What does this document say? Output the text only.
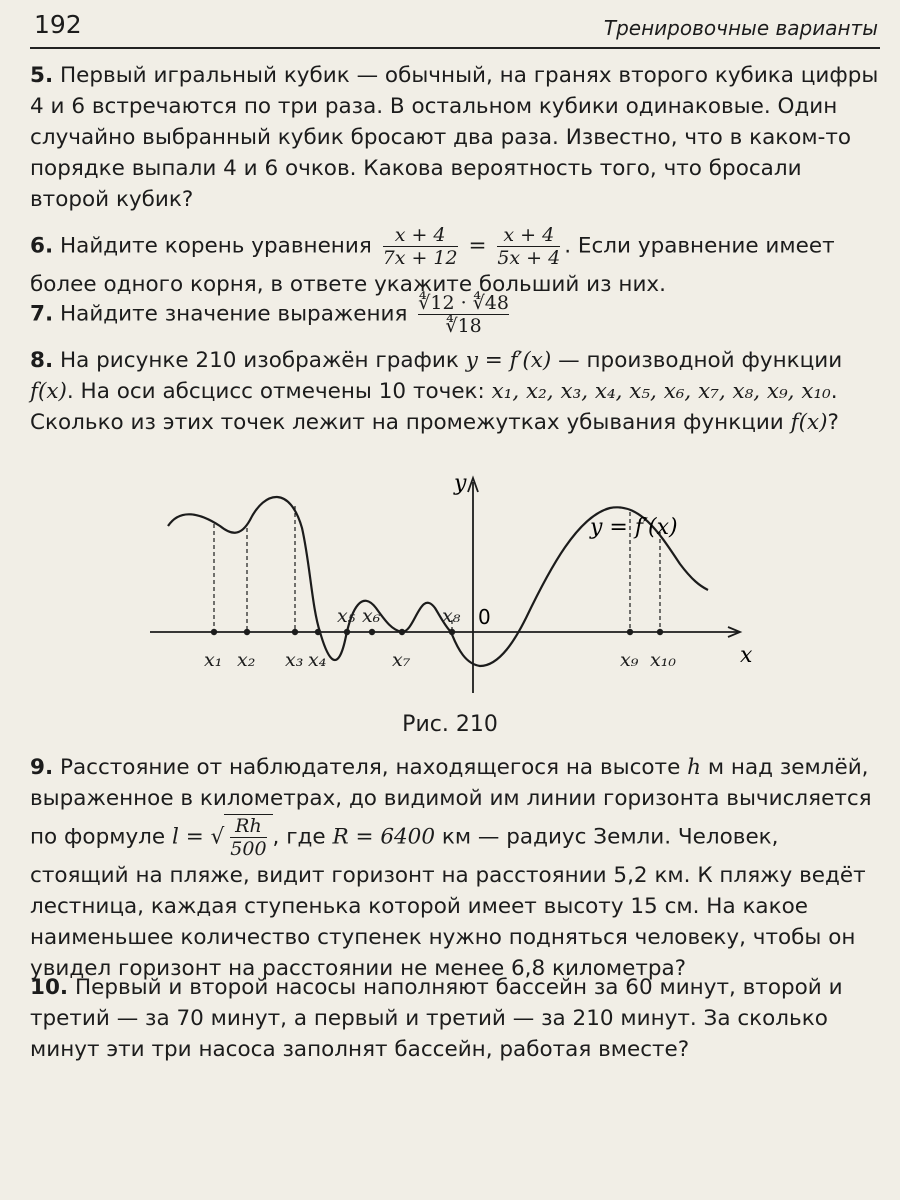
192	Тренировочные варианты
5. Первый игральный кубик — обычный, на гранях второго кубика цифры 4 и 6 встречаются по три раза. В остальном кубики одинаковые. Один случайно выбранный кубик бросают два раза. Известно, что в каком-то порядке выпали 4 и 6 очков. Какова вероятность того, что бросали второй кубик?
6. Найдите корень уравнения $\frac{x + 4}{7x + 12} = \frac{x + 4}{5x + 4}$ . Если уравнение имеет более одного корня, в ответе укажите больший из них.
7. Найдите значение выражения $\frac{∜12 \cdot ∜48}{∜18}$
8. На рисунке 210 изображён график y = f′(x) — производной функции f(x). На оси абсцисс отмечены 10 точек: x₁, x₂, x₃, x₄, x₅, x₆, x₇, x₈, x₉, x₁₀. Сколько из этих точек лежит на промежутках убывания функции f(x)?
x₁ x₂ x₃ x₄
x₅ x₆
x₇
x₈
x₉ x₁₀
y
x
0
y = f′(x)
Рис. 210
9. Расстояние от наблюдателя, находящегося на высоте h м над землёй, выраженное в километрах, до видимой им линии горизонта вычисляется по формуле l = √ $\frac{Rh}{500}$ , где R = 6400 км — радиус Земли. Человек, стоящий на пляже, видит горизонт на расстоянии 5,2 км. К пляжу ведёт лестница, каждая ступенька которой имеет высоту 15 см. На какое наименьшее количество ступенек нужно подняться человеку, чтобы он увидел горизонт на расстоянии не менее 6,8 километра?
10. Первый и второй насосы наполняют бассейн за 60 минут, второй и третий — за 70 минут, а первый и третий — за 210 минут. За сколько минут эти три насоса заполнят бассейн, работая вместе?
